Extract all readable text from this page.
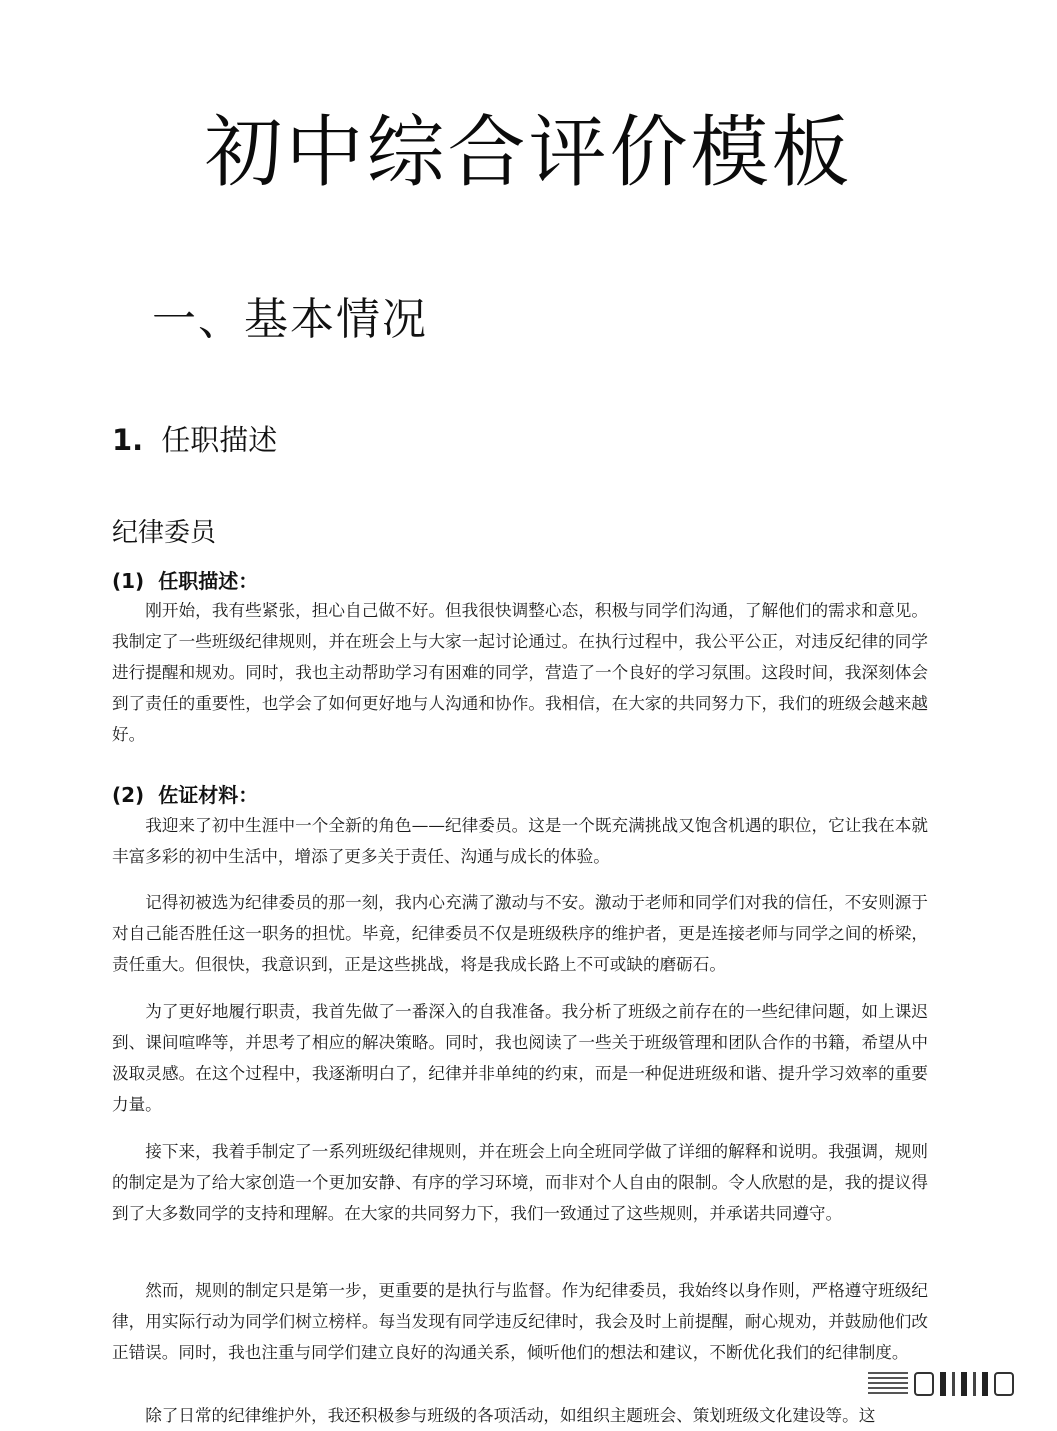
初中综合评价模板
一、基本情况
1. 任职描述
纪律委员
(1) 任职描述：
刚开始，我有些紧张，担心自己做不好。但我很快调整心态，积极与同学们沟通，了解他们的需求和意见。我制定了一些班级纪律规则，并在班会上与大家一起讨论通过。在执行过程中，我公平公正，对违反纪律的同学进行提醒和规劝。同时，我也主动帮助学习有困难的同学，营造了一个良好的学习氛围。这段时间，我深刻体会到了责任的重要性，也学会了如何更好地与人沟通和协作。我相信，在大家的共同努力下，我们的班级会越来越好。
(2) 佐证材料：
我迎来了初中生涯中一个全新的角色——纪律委员。这是一个既充满挑战又饱含机遇的职位，它让我在本就丰富多彩的初中生活中，增添了更多关于责任、沟通与成长的体验。
记得初被选为纪律委员的那一刻，我内心充满了激动与不安。激动于老师和同学们对我的信任，不安则源于对自己能否胜任这一职务的担忧。毕竟，纪律委员不仅是班级秩序的维护者，更是连接老师与同学之间的桥梁，责任重大。但很快，我意识到，正是这些挑战，将是我成长路上不可或缺的磨砺石。
为了更好地履行职责，我首先做了一番深入的自我准备。我分析了班级之前存在的一些纪律问题，如上课迟到、课间喧哗等，并思考了相应的解决策略。同时，我也阅读了一些关于班级管理和团队合作的书籍，希望从中汲取灵感。在这个过程中，我逐渐明白了，纪律并非单纯的约束，而是一种促进班级和谐、提升学习效率的重要力量。
接下来，我着手制定了一系列班级纪律规则，并在班会上向全班同学做了详细的解释和说明。我强调，规则的制定是为了给大家创造一个更加安静、有序的学习环境，而非对个人自由的限制。令人欣慰的是，我的提议得到了大多数同学的支持和理解。在大家的共同努力下，我们一致通过了这些规则，并承诺共同遵守。
然而，规则的制定只是第一步，更重要的是执行与监督。作为纪律委员，我始终以身作则，严格遵守班级纪律，用实际行动为同学们树立榜样。每当发现有同学违反纪律时，我会及时上前提醒，耐心规劝，并鼓励他们改正错误。同时，我也注重与同学们建立良好的沟通关系，倾听他们的想法和建议，不断优化我们的纪律制度。
除了日常的纪律维护外，我还积极参与班级的各项活动，如组织主题班会、策划班级文化建设等。这
